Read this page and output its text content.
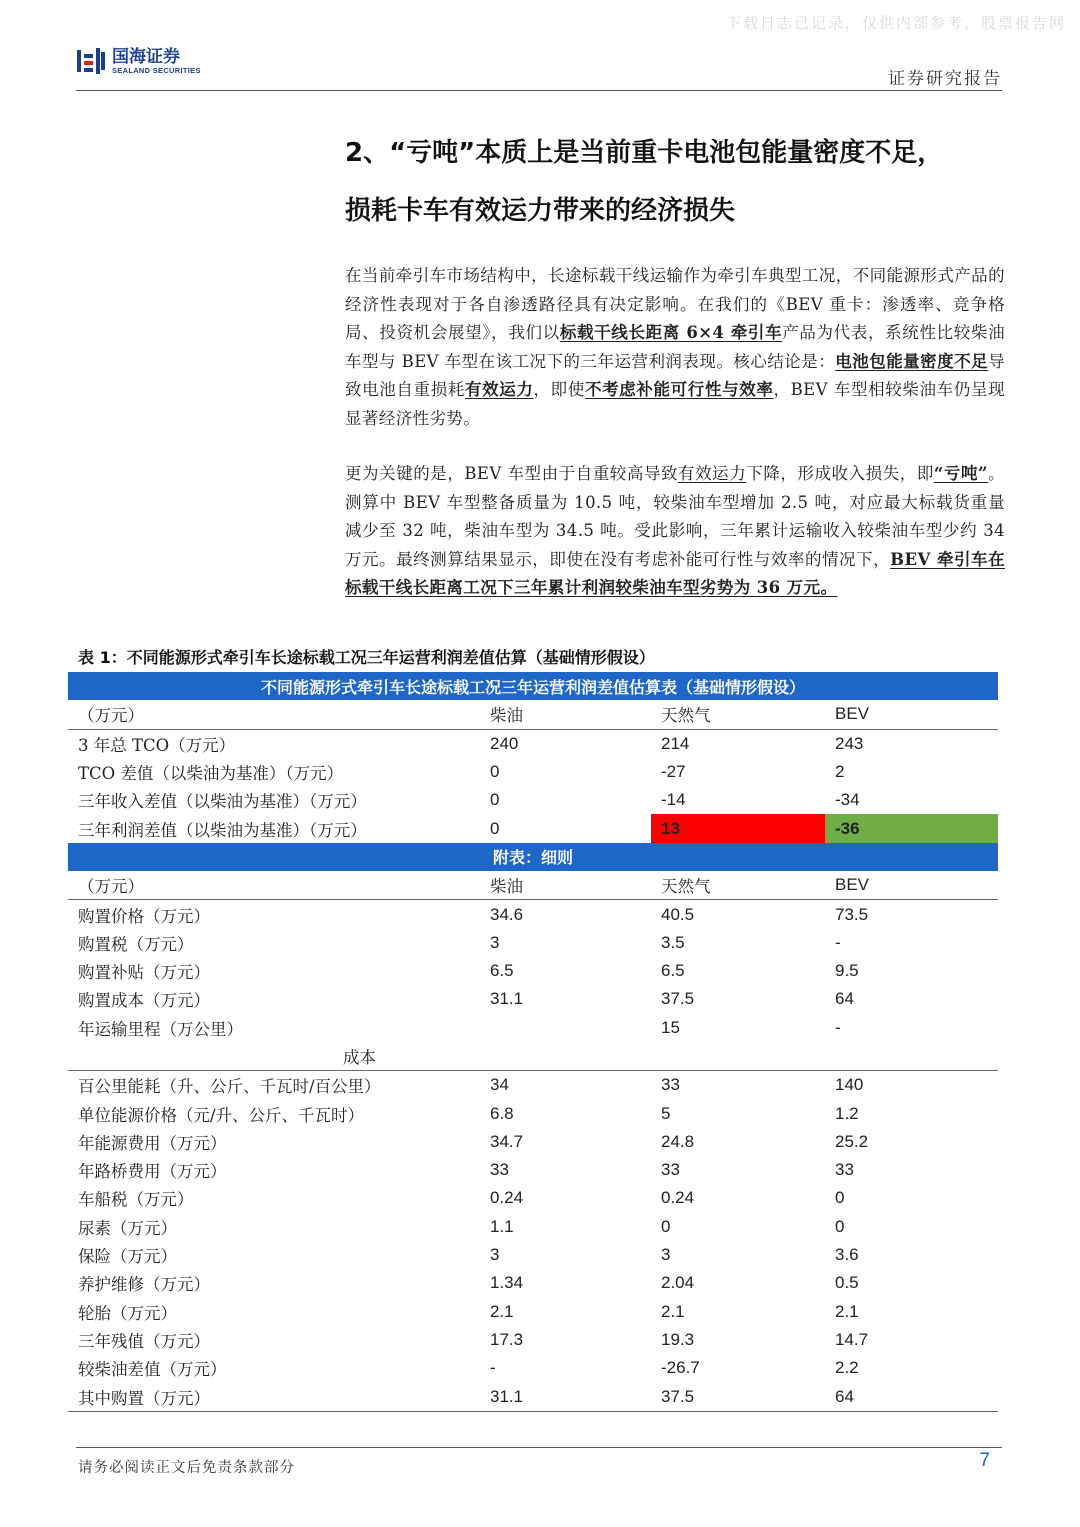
下载日志已记录，仅供内部参考，股票报告网
国海证券
SEALAND SECURITIES	证券研究报告
2、“亏吨”本质上是当前重卡电池包能量密度不足，
损耗卡车有效运力带来的经济损失
在当前牵引车市场结构中，长途标载干线运输作为牵引车典型工况，不同能源形式产品的经济性表现对于各自渗透路径具有决定影响。在我们的《BEV 重卡：渗透率、竞争格局、投资机会展望》，我们以标载干线长距离 6×4 牵引车产品为代表，系统性比较柴油车型与 BEV 车型在该工况下的三年运营利润表现。核心结论是：电池包能量密度不足导致电池自重损耗有效运力，即使不考虑补能可行性与效率，BEV 车型相较柴油车仍呈现显著经济性劣势。
更为关键的是，BEV 车型由于自重较高导致有效运力下降，形成收入损失，即“亏吨”。测算中 BEV 车型整备质量为 10.5 吨，较柴油车型增加 2.5 吨，对应最大标载货重量减少至 32 吨，柴油车型为 34.5 吨。受此影响，三年累计运输收入较柴油车型少约 34 万元。最终测算结果显示，即使在没有考虑补能可行性与效率的情况下，BEV 牵引车在标载干线长距离工况下三年累计利润较柴油车型劣势为 36 万元。
表 1：不同能源形式牵引车长途标载工况三年运营利润差值估算（基础情形假设）
不同能源形式牵引车长途标载工况三年运营利润差值估算表（基础情形假设）			
（万元）	柴油	天然气	BEV
3 年总 TCO（万元）	240	214	243
TCO 差值（以柴油为基准）（万元）	0	-27	2
三年收入差值（以柴油为基准）（万元）	0	-14	-34
三年利润差值（以柴油为基准）（万元）	0	13	-36
附表：细则			
（万元）	柴油	天然气	BEV
购置价格（万元）	34.6	40.5	73.5
购置税（万元）	3	3.5	-
购置补贴（万元）	6.5	6.5	9.5
购置成本（万元）	31.1	37.5	64
年运输里程（万公里）		15	-
成本			
百公里能耗（升、公斤、千瓦时/百公里）	34	33	140
单位能源价格（元/升、公斤、千瓦时）	6.8	5	1.2
年能源费用（万元）	34.7	24.8	25.2
年路桥费用（万元）	33	33	33
车船税（万元）	0.24	0.24	0
尿素（万元）	1.1	0	0
保险（万元）	3	3	3.6
养护维修（万元）	1.34	2.04	0.5
轮胎（万元）	2.1	2.1	2.1
三年残值（万元）	17.3	19.3	14.7
较柴油差值（万元）	-	-26.7	2.2
其中购置（万元）	31.1	37.5	64
请务必阅读正文后免责条款部分	7
